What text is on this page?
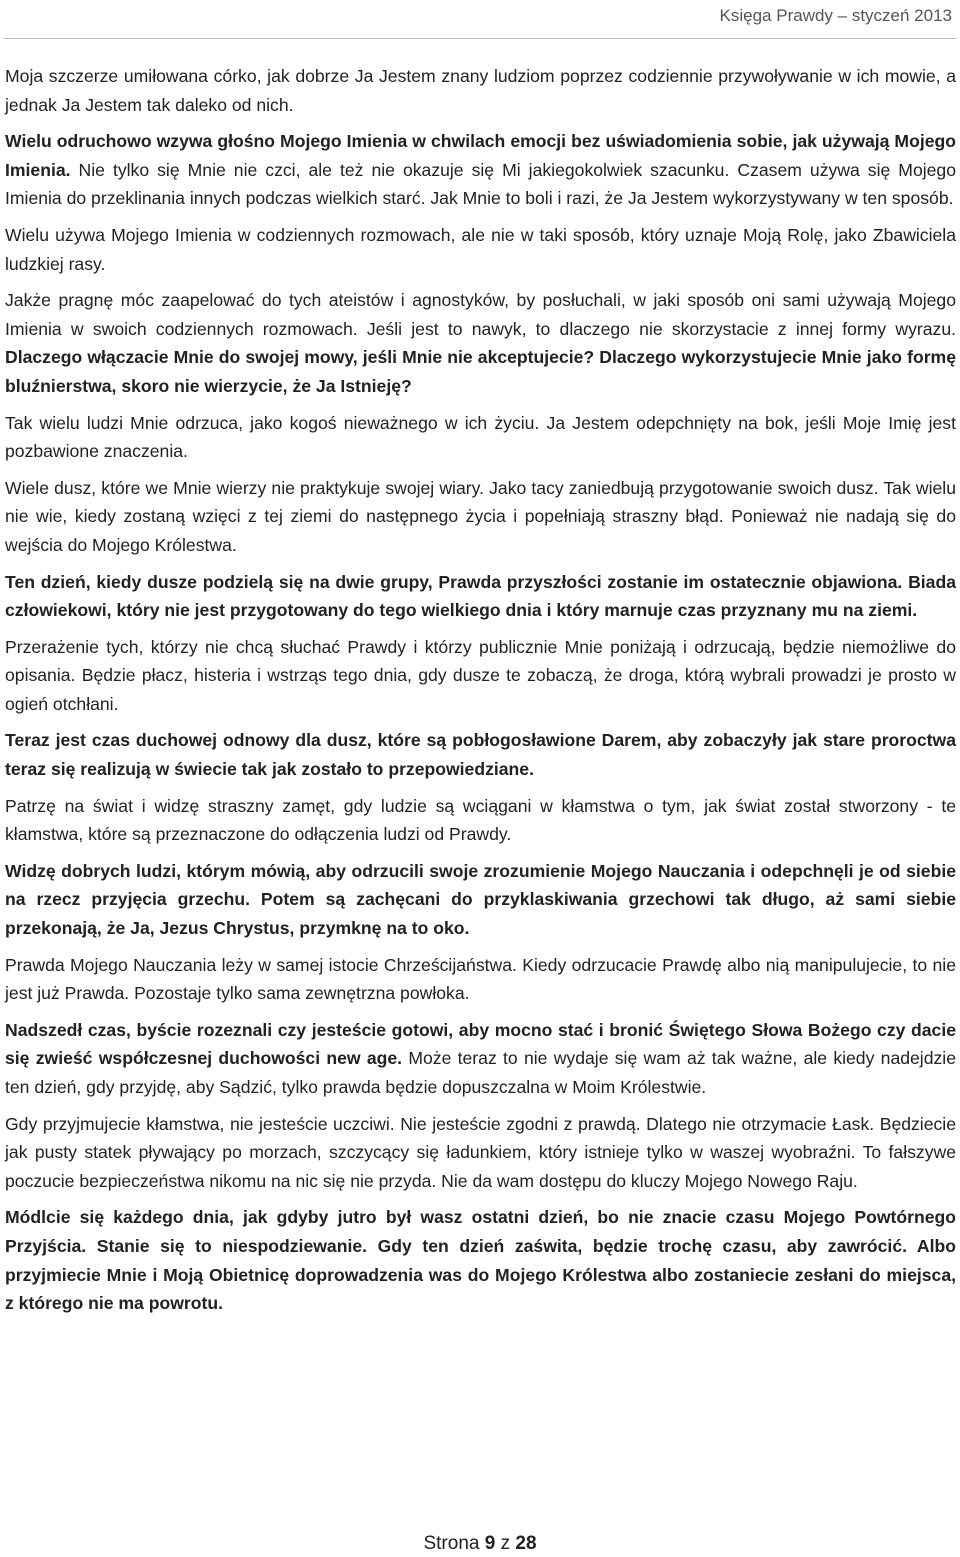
Księga Prawdy – styczeń 2013

Moja szczerze umiłowana córko, jak dobrze Ja Jestem znany ludziom poprzez codziennie przywoływanie w ich mowie, a jednak Ja Jestem tak daleko od nich.

Wielu odruchowo wzywa głośno Mojego Imienia w chwilach emocji bez uświadomienia sobie, jak używają Mojego Imienia. Nie tylko się Mnie nie czci, ale też nie okazuje się Mi jakiegokolwiek szacunku. Czasem używa się Mojego Imienia do przeklinania innych podczas wielkich starć. Jak Mnie to boli i razi, że Ja Jestem wykorzystywany w ten sposób.

Wielu używa Mojego Imienia w codziennych rozmowach, ale nie w taki sposób, który uznaje Moją Rolę, jako Zbawiciela ludzkiej rasy.

Jakże pragnę móc zaapelować do tych ateistów i agnostyków, by posłuchali, w jaki sposób oni sami używają Mojego Imienia w swoich codziennych rozmowach. Jeśli jest to nawyk, to dlaczego nie skorzystacie z innej formy wyrazu. Dlaczego włączacie Mnie do swojej mowy, jeśli Mnie nie akceptujecie? Dlaczego wykorzystujecie Mnie jako formę bluźnierstwa, skoro nie wierzycie, że Ja Istnieję?

Tak wielu ludzi Mnie odrzuca, jako kogoś nieważnego w ich życiu. Ja Jestem odepchnięty na bok, jeśli Moje Imię jest pozbawione znaczenia.

Wiele dusz, które we Mnie wierzy nie praktykuje swojej wiary. Jako tacy zaniedbują przygotowanie swoich dusz. Tak wielu nie wie, kiedy zostaną wzięci z tej ziemi do następnego życia i popełniają straszny błąd. Ponieważ nie nadają się do wejścia do Mojego Królestwa.

Ten dzień, kiedy dusze podzielą się na dwie grupy, Prawda przyszłości zostanie im ostatecznie objawiona. Biada człowiekowi, który nie jest przygotowany do tego wielkiego dnia i który marnuje czas przyznany mu na ziemi.

Przerażenie tych, którzy nie chcą słuchać Prawdy i którzy publicznie Mnie poniżają i odrzucają, będzie niemożliwe do opisania. Będzie płacz, histeria i wstrząs tego dnia, gdy dusze te zobaczą, że droga, którą wybrali prowadzi je prosto w ogień otchłani.

Teraz jest czas duchowej odnowy dla dusz, które są pobłogosławione Darem, aby zobaczyły jak stare proroctwa teraz się realizują w świecie tak jak zostało to przepowiedziane.

Patrzę na świat i widzę straszny zamęt, gdy ludzie są wciągani w kłamstwa o tym, jak świat został stworzony - te kłamstwa, które są przeznaczone do odłączenia ludzi od Prawdy.

Widzę dobrych ludzi, którym mówią, aby odrzucili swoje zrozumienie Mojego Nauczania i odepchnęli je od siebie na rzecz przyjęcia grzechu. Potem są zachęcani do przyklaskiwania grzechowi tak długo, aż sami siebie przekonają, że Ja, Jezus Chrystus, przymknę na to oko.

Prawda Mojego Nauczania leży w samej istocie Chrześcijaństwa. Kiedy odrzucacie Prawdę albo nią manipulujecie, to nie jest już Prawda. Pozostaje tylko sama zewnętrzna powłoka.

Nadszedł czas, byście rozeznali czy jesteście gotowi, aby mocno stać i bronić Świętego Słowa Bożego czy dacie się zwieść współczesnej duchowości new age. Może teraz to nie wydaje się wam aż tak ważne, ale kiedy nadejdzie ten dzień, gdy przyjdę, aby Sądzić, tylko prawda będzie dopuszczalna w Moim Królestwie.

Gdy przyjmujecie kłamstwa, nie jesteście uczciwi. Nie jesteście zgodni z prawdą. Dlatego nie otrzymacie Łask. Będziecie jak pusty statek pływający po morzach, szczycący się ładunkiem, który istnieje tylko w waszej wyobraźni. To fałszywe poczucie bezpieczeństwa nikomu na nic się nie przyda. Nie da wam dostępu do kluczy Mojego Nowego Raju.

Módlcie się każdego dnia, jak gdyby jutro był wasz ostatni dzień, bo nie znacie czasu Mojego Powtórnego Przyjścia. Stanie się to niespodziewanie. Gdy ten dzień zaświta, będzie trochę czasu, aby zawrócić. Albo przyjmiecie Mnie i Moją Obietnicę doprowadzenia was do Mojego Królestwa albo zostaniecie zesłani do miejsca, z którego nie ma powrotu.

Strona 9 z 28
